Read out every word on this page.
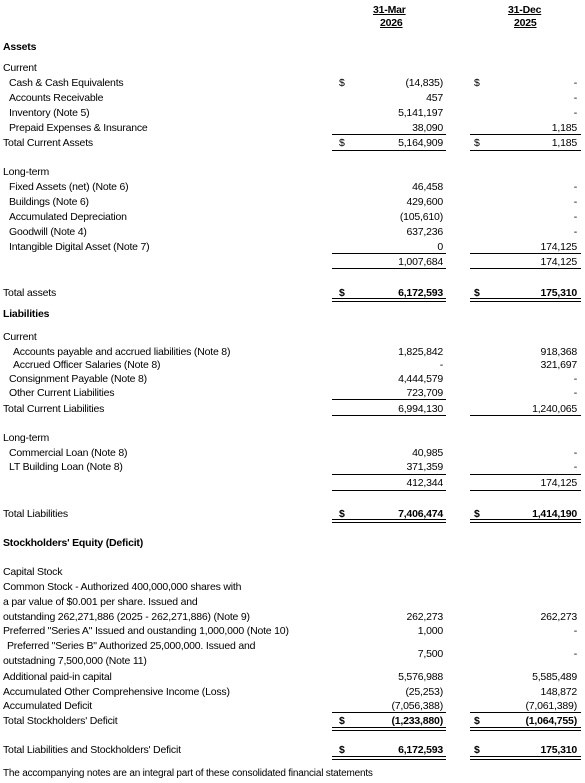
31-Mar
2026
31-Dec
2025
Assets
Current
Cash & Cash Equivalents	$	(14,835)	$	-
Accounts Receivable	457	-
Inventory (Note 5)	5,141,197	-
Prepaid Expenses & Insurance	38,090	1,185
Total Current Assets	$	5,164,909	$	1,185
Long-term
Fixed Assets (net) (Note 6)	46,458	-
Buildings (Note 6)	429,600	-
Accumulated Depreciation	(105,610)	-
Goodwill (Note 4)	637,236	-
Intangible Digital Asset (Note 7)	0	174,125
1,007,684	174,125
Total assets	$	6,172,593	$	175,310
Liabilities
Current
Accounts payable and accrued liabilities (Note 8)	1,825,842	918,368
Accrued Officer Salaries (Note 8)	-	321,697
Consignment Payable (Note 8)	4,444,579	-
Other Current Liabilities	723,709	-
Total Current Liabilities	6,994,130	1,240,065
Long-term
Commercial Loan (Note 8)	40,985	-
LT Building Loan (Note 8)	371,359	-
412,344	174,125
Total Liabilities	$	7,406,474	$	1,414,190
Stockholders' Equity (Deficit)
Capital Stock
Common Stock - Authorized 400,000,000 shares with
a par value of $0.001 per share. Issued and
outstanding 262,271,886 (2025 - 262,271,886) (Note 9)	262,273	262,273
Preferred "Series A" Issued and oustanding 1,000,000 (Note 10)	1,000	-
Preferred "Series B" Authorized 25,000,000. Issued and
outstadning 7,500,000 (Note 11)
7,500	-
Additional paid-in capital	5,576,988	5,585,489
Accumulated Other Comprehensive Income (Loss)	(25,253)	148,872
Accumulated Deficit	(7,056,388)	(7,061,389)
Total Stockholders' Deficit	$	(1,233,880)	$	(1,064,755)
Total Liabilities and Stockholders' Deficit	$	6,172,593	$	175,310
The accompanying notes are an integral part of these consolidated financial statements
